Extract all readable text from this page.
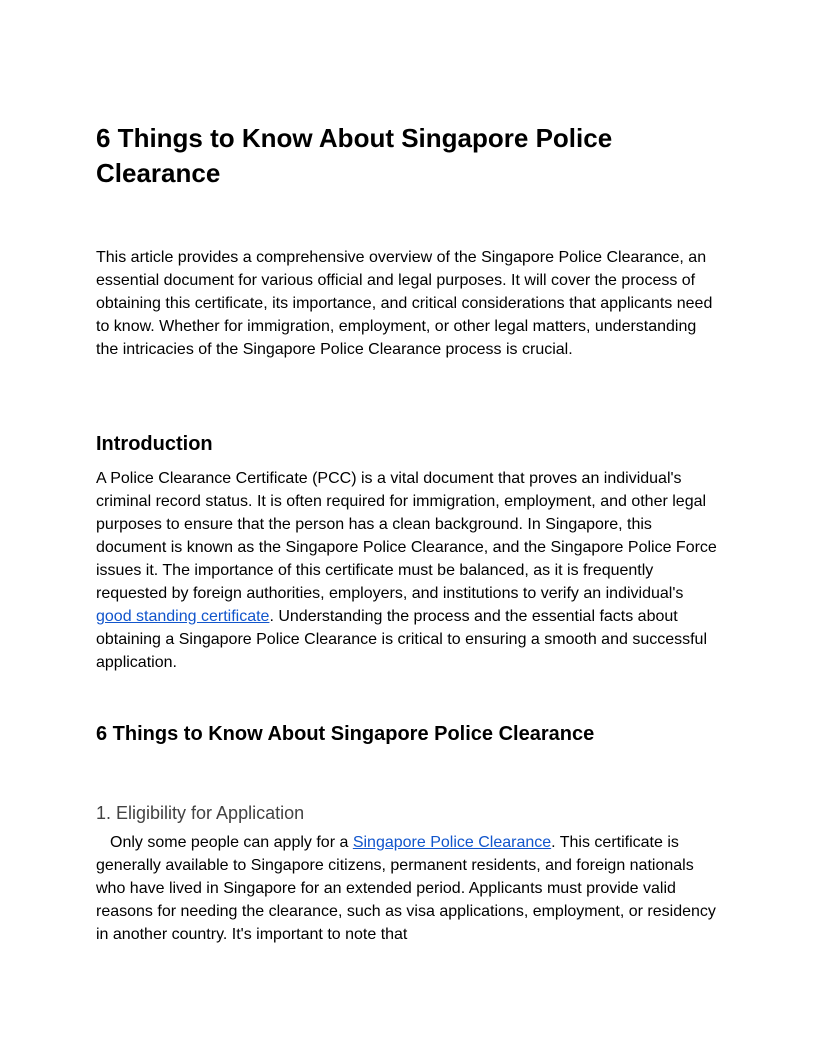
6 Things to Know About Singapore Police Clearance

This article provides a comprehensive overview of the Singapore Police Clearance, an essential document for various official and legal purposes. It will cover the process of obtaining this certificate, its importance, and critical considerations that applicants need to know. Whether for immigration, employment, or other legal matters, understanding the intricacies of the Singapore Police Clearance process is crucial.

Introduction

A Police Clearance Certificate (PCC) is a vital document that proves an individual's criminal record status. It is often required for immigration, employment, and other legal purposes to ensure that the person has a clean background. In Singapore, this document is known as the Singapore Police Clearance, and the Singapore Police Force issues it. The importance of this certificate must be balanced, as it is frequently requested by foreign authorities, employers, and institutions to verify an individual's good standing certificate. Understanding the process and the essential facts about obtaining a Singapore Police Clearance is critical to ensuring a smooth and successful application.

6 Things to Know About Singapore Police Clearance
1. Eligibility for Application

Only some people can apply for a Singapore Police Clearance. This certificate is generally available to Singapore citizens, permanent residents, and foreign nationals who have lived in Singapore for an extended period. Applicants must provide valid reasons for needing the clearance, such as visa applications, employment, or residency in another country. It's important to note that
